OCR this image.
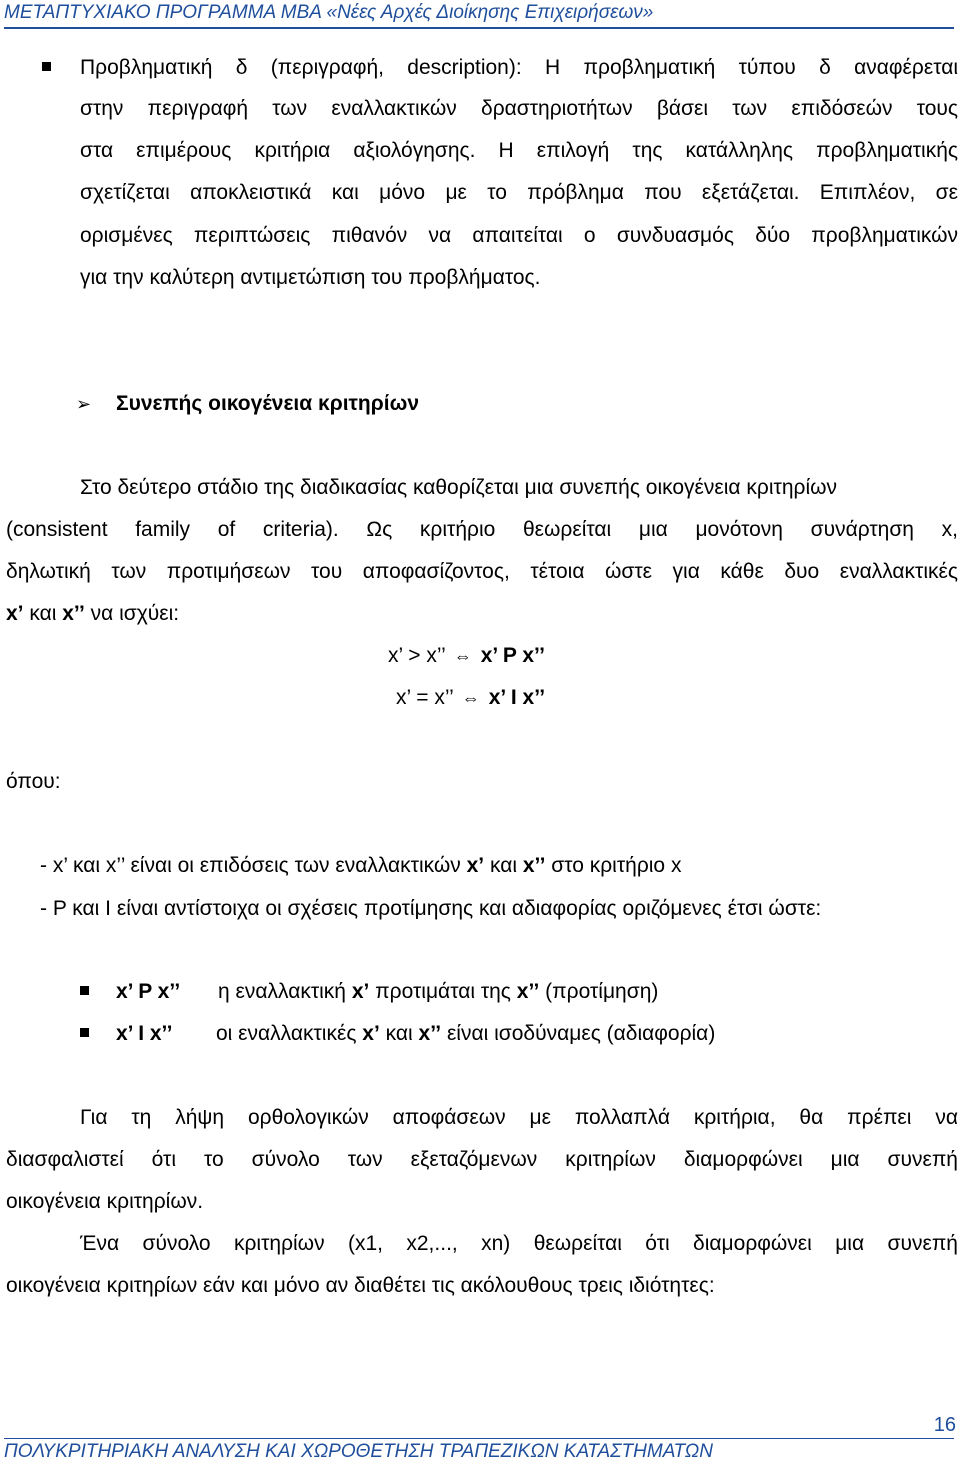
ΜΕΤΑΠΤΥΧΙΑΚΟ ΠΡΟΓΡΑΜΜΑ ΜΒΑ «Νέες Αρχές Διοίκησης Επιχειρήσεων»
Προβληματική δ (περιγραφή, description): Η προβληματική τύπου δ αναφέρεται
στην περιγραφή των εναλλακτικών δραστηριοτήτων βάσει των επιδόσεών τους
στα επιμέρους κριτήρια αξιολόγησης. Η επιλογή της κατάλληλης προβληματικής
σχετίζεται αποκλειστικά και μόνο με το πρόβλημα που εξετάζεται. Επιπλέον, σε
ορισμένες περιπτώσεις πιθανόν να απαιτείται ο συνδυασμός δύο προβληματικών
για την καλύτερη αντιμετώπιση του προβλήματος.
➢ Συνεπής οικογένεια κριτηρίων
Στο δεύτερο στάδιο της διαδικασίας καθορίζεται μια συνεπής οικογένεια κριτηρίων
(consistent family of criteria). Ως κριτήριο θεωρείται μια μονότονη συνάρτηση x,
δηλωτική των προτιμήσεων του αποφασίζοντος, τέτοια ώστε για κάθε δυο εναλλακτικές
x’ και x’’ να ισχύει:
x’ > x’’ ⇔ x’ P x’’
x’ = x’’ ⇔ x’ I x’’
όπου:
- x’ και x’’ είναι οι επιδόσεις των εναλλακτικών x’ και x’’ στο κριτήριο x
- P και I είναι αντίστοιχα οι σχέσεις προτίμησης και αδιαφορίας οριζόμενες έτσι ώστε:
x’ P x’’ η εναλλακτική x’ προτιμάται της x’’ (προτίμηση)
x’ I x’’ οι εναλλακτικές x’ και x’’ είναι ισοδύναμες (αδιαφορία)
Για τη λήψη ορθολογικών αποφάσεων με πολλαπλά κριτήρια, θα πρέπει να
διασφαλιστεί ότι το σύνολο των εξεταζόμενων κριτηρίων διαμορφώνει μια συνεπή
οικογένεια κριτηρίων.
Ένα σύνολο κριτηρίων (x1, x2,..., xn) θεωρείται ότι διαμορφώνει μια συνεπή
οικογένεια κριτηρίων εάν και μόνο αν διαθέτει τις ακόλουθους τρεις ιδιότητες:
16
ΠΟΛΥΚΡΙΤΗΡΙΑΚΗ ΑΝΑΛΥΣΗ ΚΑΙ ΧΩΡΟΘΕΤΗΣΗ ΤΡΑΠΕΖΙΚΩΝ ΚΑΤΑΣΤΗΜΑΤΩΝ
